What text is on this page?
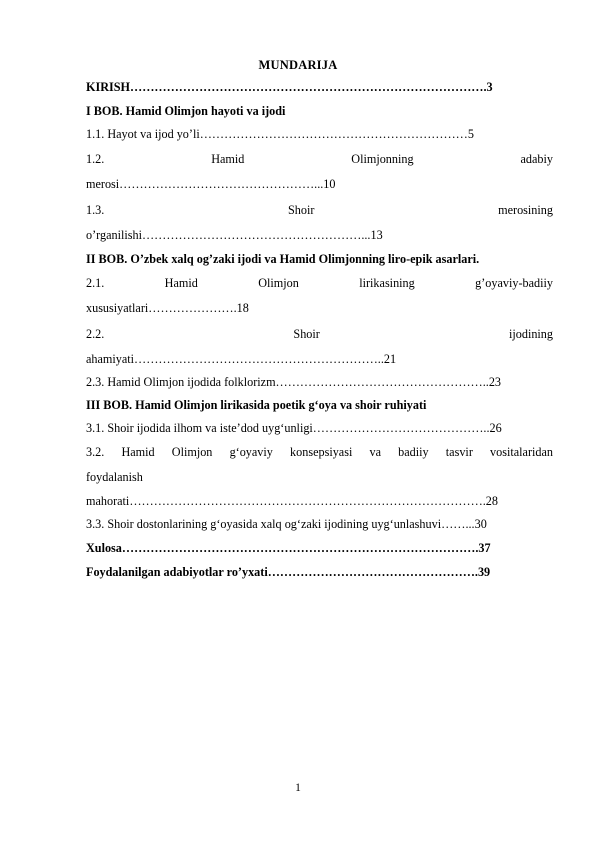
MUNDARIJA
KIRISH…………………………………………………………………………….3
I BOB. Hamid Olimjon hayoti va ijodi
1.1. Hayot va ijod yo’li…………………………………………………………5
1.2.	Hamid	Olimjonning	adabiy
merosi…………………………………………...10
1.3.	Shoir	merosining
o’rganilishi………………………………………………...13
II BOB. O’zbek xalq og’zaki ijodi va Hamid Olimjonning liro-epik asarlari.
2.1.	Hamid	Olimjon	lirikasining	g’oyaviy-badiiy
xususiyatlari………………….18
2.2.	Shoir	ijodining
ahamiyati……………………………………………………..21
2.3. Hamid Olimjon ijodida folklorizm……………………………………………..23
III BOB. Hamid Olimjon lirikasida poetik g‘oya va shoir ruhiyati
3.1. Shoir ijodida ilhom va iste’dod uyg‘unligi……………………………………..26
3.2. Hamid Olimjon g‘oyaviy konsepsiyasi va badiiy tasvir vositalaridan
foydalanish
mahorati…………………………………………………………………………….28
3.3. Shoir dostonlarining g‘oyasida xalq og‘zaki ijodining uyg‘unlashuvi……...30
Xulosa…………………………………………………………………………….37
Foydalanilgan adabiyotlar ro’yxati…………………………………………….39
1
